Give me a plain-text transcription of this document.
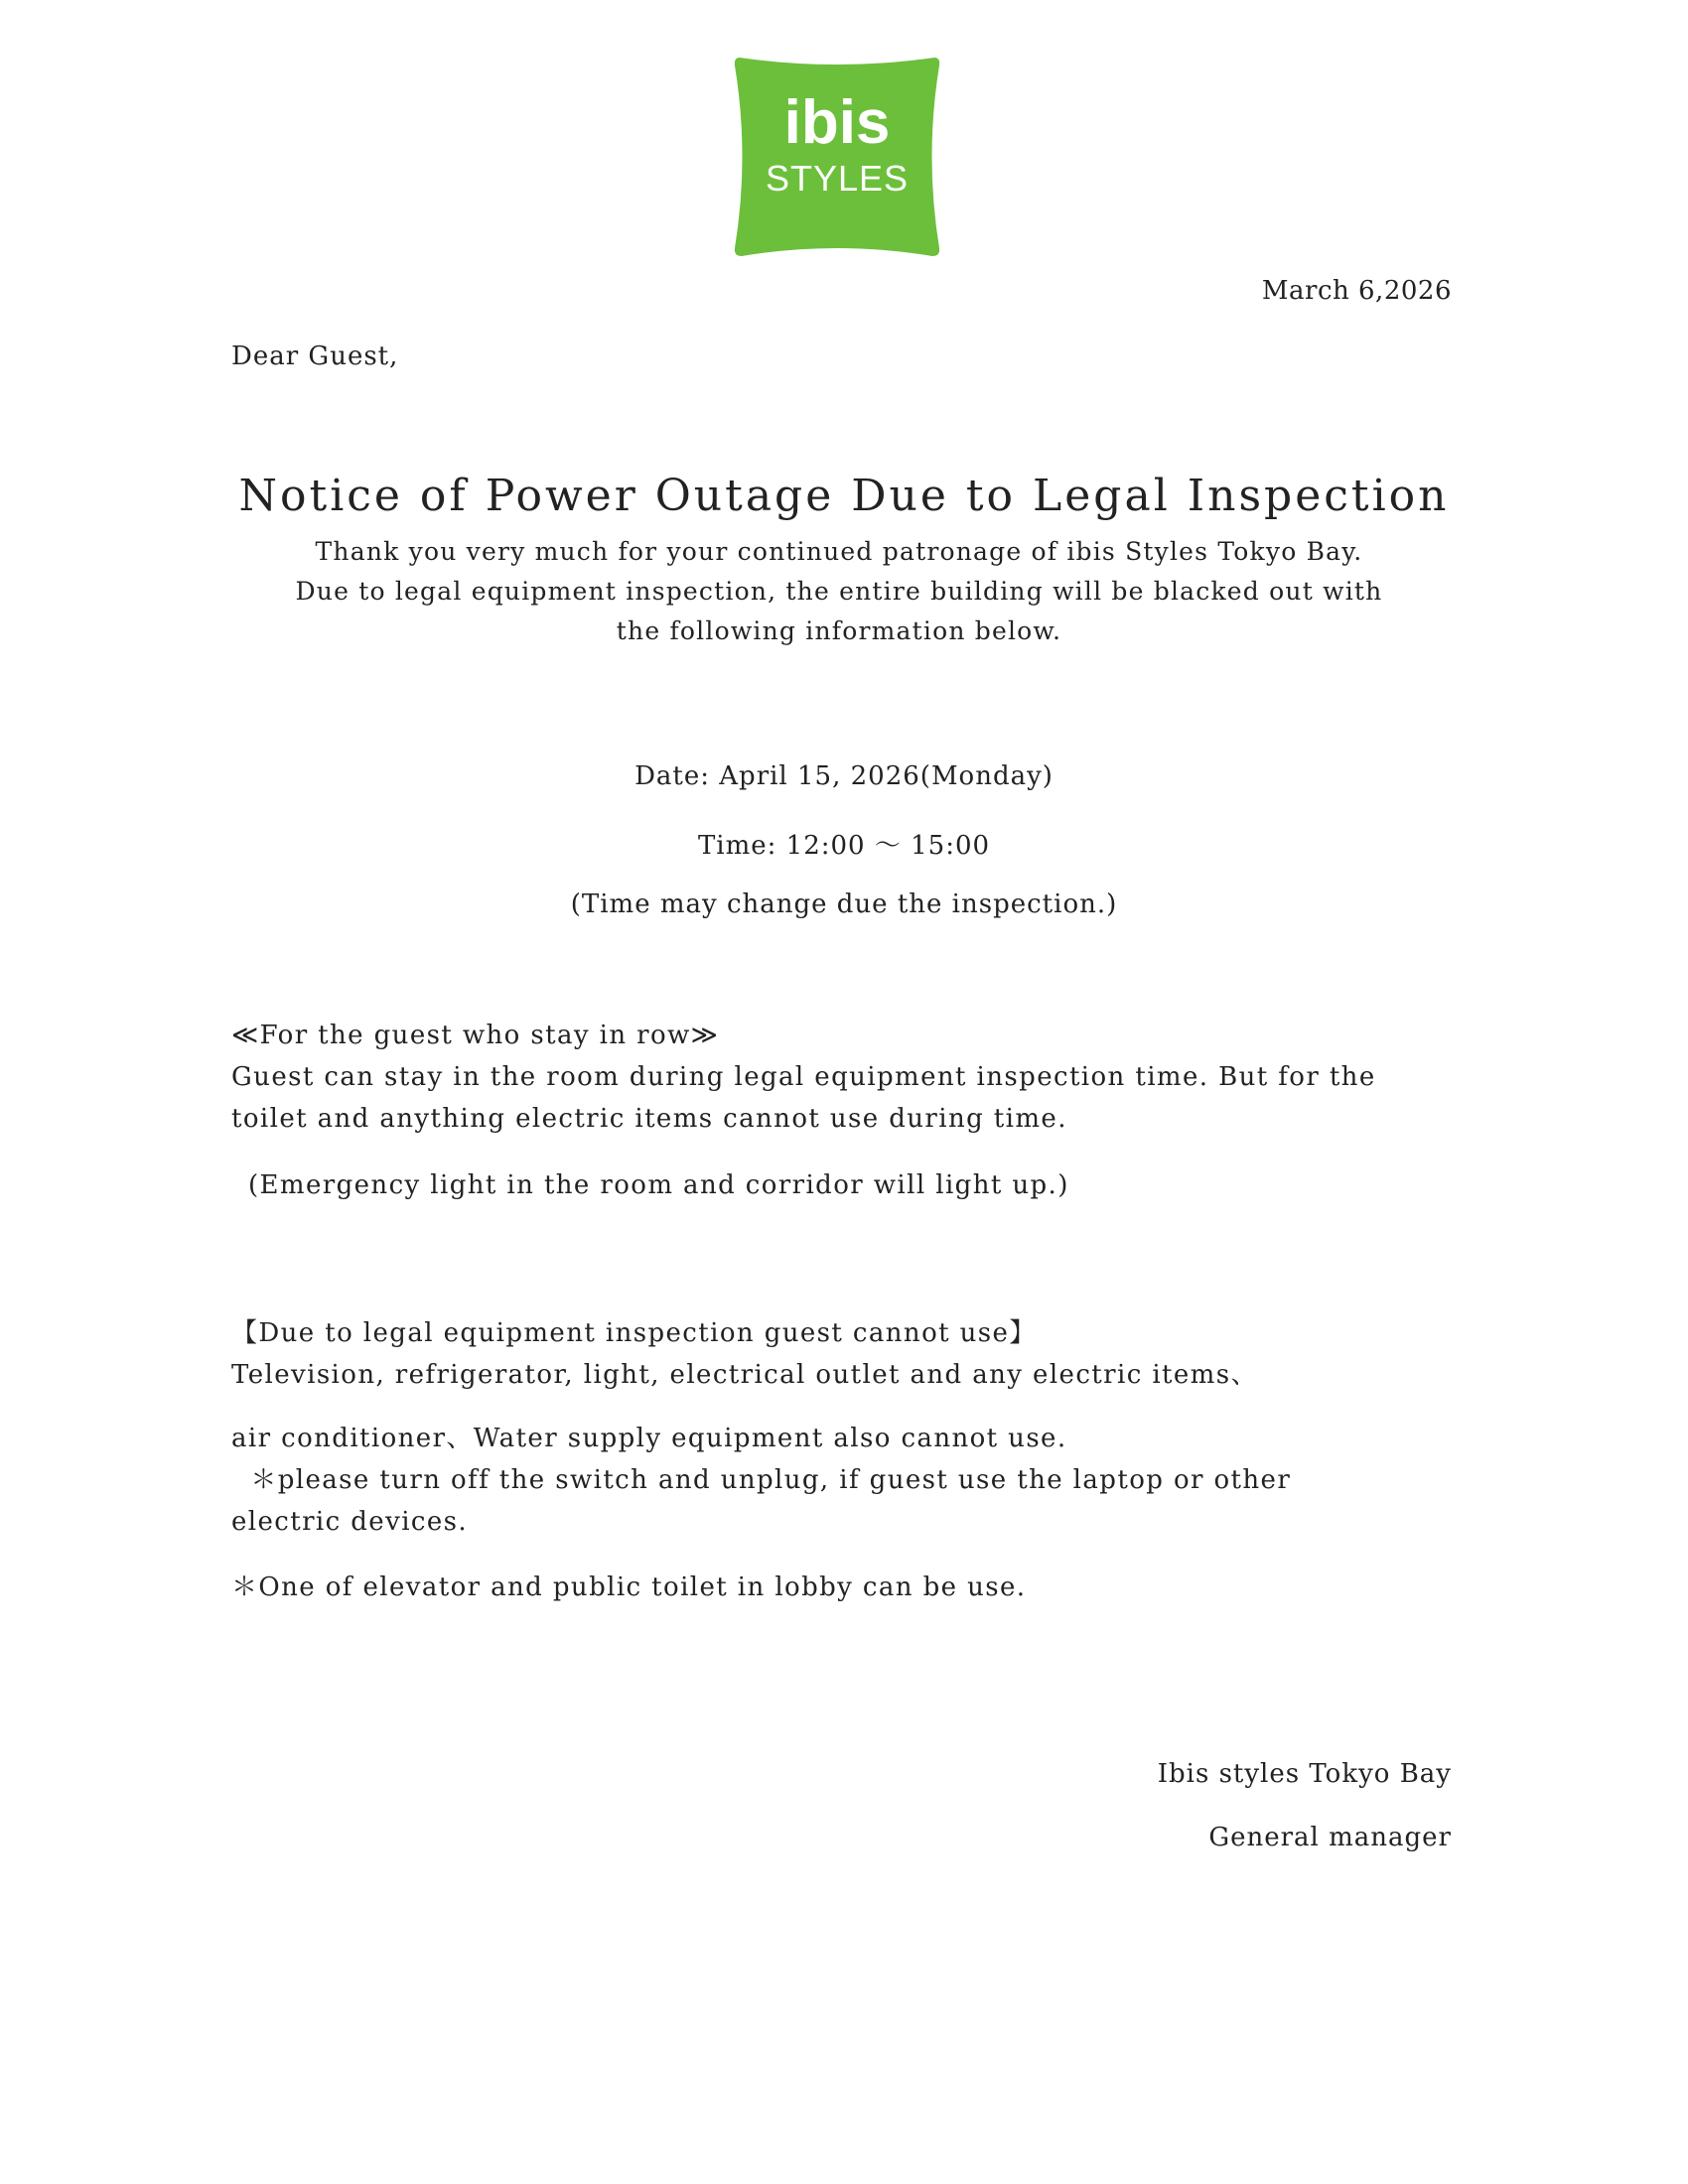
ibis
STYLES
March 6,2026
Dear Guest,
Notice of Power Outage Due to Legal Inspection

Thank you very much for your continued patronage of ibis Styles Tokyo Bay.

Due to legal equipment inspection, the entire building will be blacked out with

the following information below.

Date: April 15, 2026(Monday)
Time: 12:00 ～ 15:00
(Time may change due the inspection.)

≪For the guest who stay in row≫

Guest can stay in the room during legal equipment inspection time. But for the

toilet and anything electric items cannot use during time.

(Emergency light in the room and corridor will light up.)

【Due to legal equipment inspection guest cannot use】

Television, refrigerator, light, electrical outlet and any electric items、

air conditioner、Water supply equipment also cannot use.

＊please turn off the switch and unplug, if guest use the laptop or other

electric devices.

＊One of elevator and public toilet in lobby can be use.

Ibis styles Tokyo Bay
General manager
